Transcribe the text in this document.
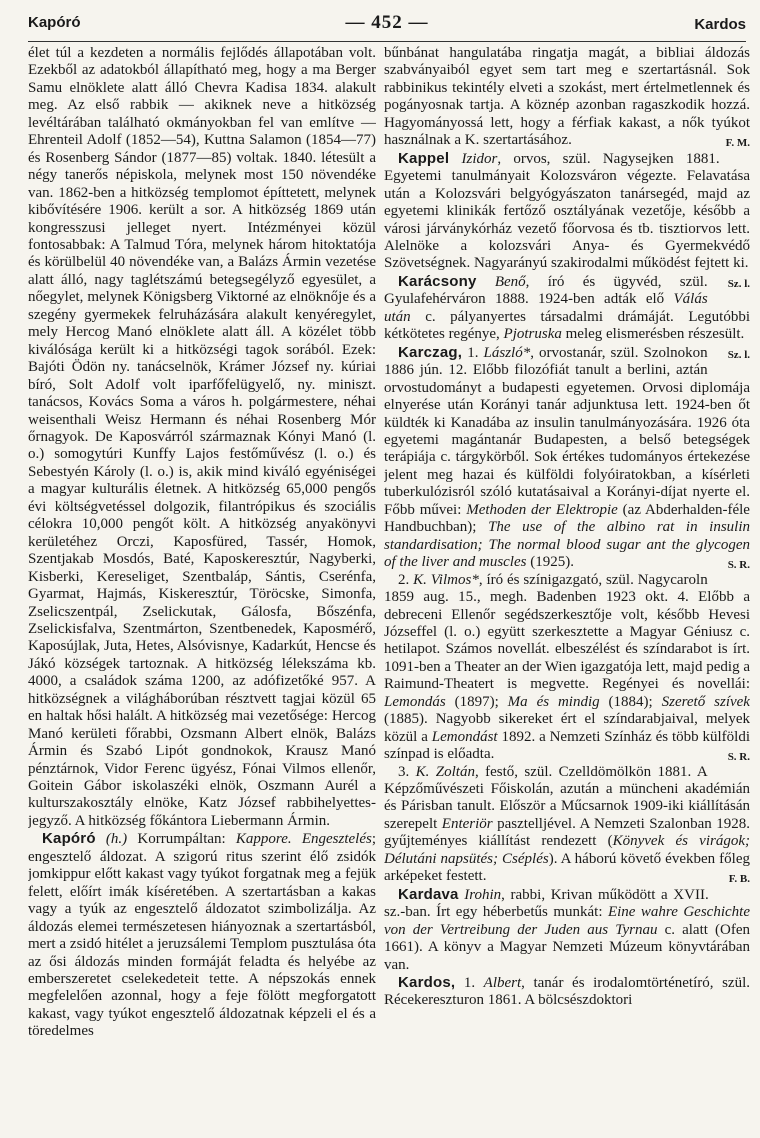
Kapóró	— 452 —	Kardos

élet túl a kezdeten a normális fejlődés állapotában volt. Ezekből az adatokból állapítható meg, hogy a ma Berger Samu elnöklete alatt álló Chevra Kadisa 1834. alakult meg. Az első rabbik — akiknek neve a hitközség levéltárában található okmányokban fel van említve — Ehrenteil Adolf (1852—54), Kuttna Salamon (1854—77) és Rosenberg Sándor (1877—85) voltak. 1840. létesült a négy tanerős népiskola, melynek most 150 növendéke van. 1862-ben a hitközség templomot építtetett, melynek kibővítésére 1906. került a sor. A hitközség 1869 után kongresszusi jelleget nyert. Intézményei közül fontosabbak: A Talmud Tóra, melynek három hitoktatója és körülbelül 40 növendéke van, a Balázs Ármin vezetése alatt álló, nagy taglétszámú betegsegélyző egyesület, a nőegylet, melynek Königsberg Viktorné az elnöknője és a szegény gyermekek felruházására alakult kenyéregylet, mely Hercog Manó elnöklete alatt áll. A közélet több kiválósága került ki a hitközségi tagok sorából. Ezek: Bajóti Ödön ny. tanácselnök, Krámer József ny. kúriai bíró, Solt Adolf volt iparfőfelügyelő, ny. miniszt. tanácsos, Kovács Soma a város h. polgármestere, néhai weisenthali Weisz Hermann és néhai Rosenberg Mór őrnagyok. De Kaposvárról származnak Kónyi Manó (l. o.) somogytúri Kunffy Lajos festőművész (l. o.) és Sebestyén Károly (l. o.) is, akik mind kiváló egyéniségei a magyar kulturális életnek. A hitközség 65,000 pengős évi költségvetéssel dolgozik, filantrópikus és szociális célokra 10,000 pengőt költ. A hitközség anyakönyvi kerületéhez Orczi, Kaposfüred, Tassér, Homok, Szentjakab Mosdós, Baté, Kaposkeresztúr, Nagyberki, Kisberki, Kereseliget, Szentbaláp, Sántis, Cserénfa, Gyarmat, Hajmás, Kiskeresztúr, Töröcske, Simonfa, Zselicszentpál, Zselickutak, Gálosfa, Bőszénfa, Zselickisfalva, Szentmárton, Szentbenedek, Kaposmérő, Kaposújlak, Juta, Hetes, Alsóvisnye, Kadarkút, Hencse és Jákó községek tartoznak. A hitközség lélekszáma kb. 4000, a családok száma 1200, az adófizetőké 957. A hitközségnek a világháborúban résztvett tagjai közül 65 en haltak hősi halált. A hitközség mai vezetősége: Hercog Manó kerületi főrabbi, Ozsmann Albert elnök, Balázs Ármin és Szabó Lipót gondnokok, Krausz Manó pénztárnok, Vidor Ferenc ügyész, Fónai Vilmos ellenőr, Goitein Gábor iskolaszéki elnök, Oszmann Aurél a kulturszakosztály elnöke, Katz József rabbihelyettes-jegyző. A hitközség főkántora Liebermann Ármin.

Kapóró (h.) Korrumpáltan: Kappore. Engesztelés; engesztelő áldozat. A szigorú ritus szerint élő zsidók jomkippur előtt kakast vagy tyúkot forgatnak meg a fejük felett, előírt imák kíséretében. A szertartásban a kakas vagy a tyúk az engesztelő áldozatot szimbolizálja. Az áldozás elemei természetesen hiányoznak a szertartásból, mert a zsidó hitélet a jeruzsálemi Templom pusztulása óta az ősi áldozás minden formáját feladta és helyébe az emberszeretet cselekedeteit tette. A népszokás ennek megfelelően azonnal, hogy a feje fölött megforgatott kakast, vagy tyúkot engesztelő áldozatnak képzeli el és a töredelmes

bűnbánat hangulatába ringatja magát, a bibliai áldozás szabványaiból egyet sem tart meg e szertartásnál. Sok rabbinikus tekintély elveti a szokást, mert értelmetlennek és pogányosnak tartja. A köznép azonban ragaszkodik hozzá. Hagyományossá lett, hogy a férfiak kakast, a nők tyúkot használnak a K. szertartásához.	F. M.

Kappel Izidor, orvos, szül. Nagysejken 1881. Egyetemi tanulmányait Kolozsváron végezte. Felavatása után a Kolozsvári belgyógyászaton tanársegéd, majd az egyetemi klinikák fertőző osztályának vezetője, később a városi járványkórház vezető főorvosa és tb. tisztiorvos lett. Alelnöke a kolozsvári Anya- és Gyermekvédő Szövetségnek. Nagyarányú szakirodalmi működést fejtett ki.
Sz. l.

Karácsony Benő, író és ügyvéd, szül. Gyulafehérváron 1888. 1924-ben adták elő Válás után c. pályanyertes társadalmi drámáját. Legutóbbi kétkötetes regénye, Pjotruska meleg elismerésben részesült.
Sz. l.

Karczag, 1. László*, orvostanár, szül. Szolnokon 1886 jún. 12. Előbb filozófiát tanult a berlini, aztán orvostudományt a budapesti egyetemen. Orvosi diplomája elnyerése után Korányi tanár adjunktusa lett. 1924-ben őt küldték ki Kanadába az insulin tanulmányozására. 1926 óta egyetemi magántanár Budapesten, a belső betegségek terápiája c. tárgykörből. Sok értékes tudományos értekezése jelent meg hazai és külföldi folyóiratokban, a kísérleti tuberkulózisról szóló kutatásaival a Korányi-díjat nyerte el. Főbb művei: Methoden der Elektropie (az Abderhalden-féle Handbuchban); The use of the albino rat in insulin standardisation; The normal blood sugar ant the glycogen of the liver and muscles (1925).	S. R.

2. K. Vilmos*, író és színigazgató, szül. Nagycaroln 1859 aug. 15., megh. Badenben 1923 okt. 4. Előbb a debreceni Ellenőr segédszerkesztője volt, később Hevesi Józseffel (l. o.) együtt szerkesztette a Magyar Géniusz c. hetilapot. Számos novellát. elbeszélést és színdarabot is írt. 1091-ben a Theater an der Wien igazgatója lett, majd pedig a Raimund-Theatert is megvette. Regényei és novellái: Lemondás (1897); Ma és mindig (1884); Szerető szívek (1885). Nagyobb sikereket ért el színdarabjaival, melyek közül a Lemondást 1892. a Nemzeti Színház és több külföldi színpad is előadta.	S. R.

3. K. Zoltán, festő, szül. Czelldömölkön 1881. A Képzőművészeti Főiskolán, azután a müncheni akadémián és Párisban tanult. Először a Műcsarnok 1909-iki kiállításán szerepelt Enteriör pasztelljével. A Nemzeti Szalonban 1928. gyűjteményes kiállítást rendezett (Könyvek és virágok; Délutáni napsütés; Cséplés). A háború követő években főleg arképeket festett.	F. B.

Kardava Irohin, rabbi, Krivan működött a XVII. sz.-ban. Írt egy héberbetűs munkát: Eine wahre Geschichte von der Vertreibung der Juden aus Tyrnau c. alatt (Ofen 1661). A könyv a Magyar Nemzeti Múzeum könyvtárában van.

Kardos, 1. Albert, tanár és irodalomtörténetíró, szül. Récekereszturon 1861. A bölcsészdoktori
